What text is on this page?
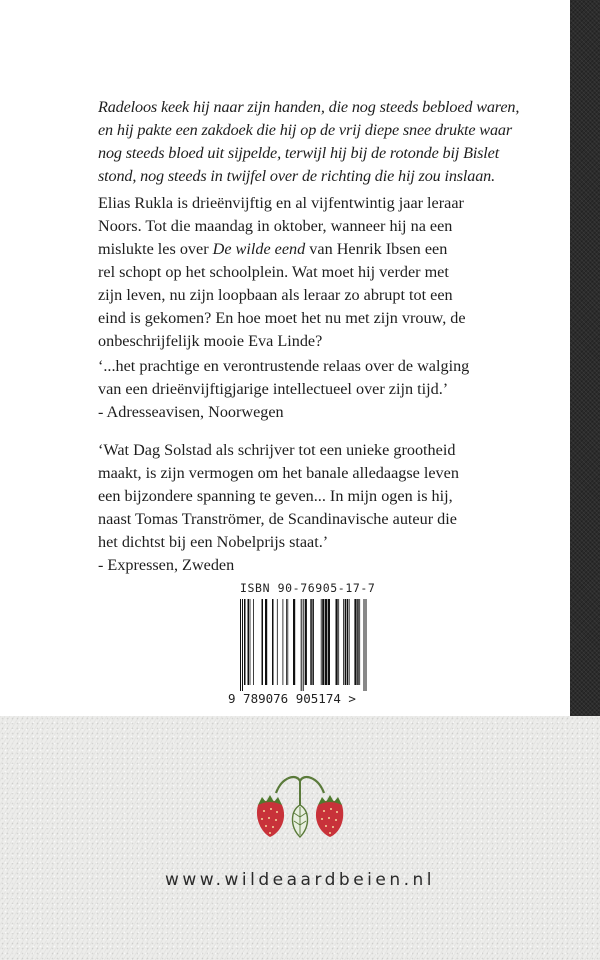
Radeloos keek hij naar zijn handen, die nog steeds bebloed waren,

en hij pakte een zakdoek die hij op de vrij diepe snee drukte waar

nog steeds bloed uit sijpelde, terwijl hij bij de rotonde bij Bislet

stond, nog steeds in twijfel over de richting die hij zou inslaan.

Elias Rukla is drieënvijftig en al vijfentwintig jaar leraar

Noors. Tot die maandag in oktober, wanneer hij na een

mislukte les over De wilde eend van Henrik Ibsen een

rel schopt op het schoolplein. Wat moet hij verder met

zijn leven, nu zijn loopbaan als leraar zo abrupt tot een

eind is gekomen? En hoe moet het nu met zijn vrouw, de

onbeschrijfelijk mooie Eva Linde?

‘...het prachtige en verontrustende relaas over de walging

van een drieënvijftigjarige intellectueel over zijn tijd.’

- Adresseavisen, Noorwegen

‘Wat Dag Solstad als schrijver tot een unieke grootheid

maakt, is zijn vermogen om het banale alledaagse leven

een bijzondere spanning te geven... In mijn ogen is hij,

naast Tomas Tranströmer, de Scandinavische auteur die

het dichtst bij een Nobelprijs staat.’

- Expressen, Zweden

ISBN 90-76905-17-7
9 789076 905174 >
www.wildeaardbeien.nl
